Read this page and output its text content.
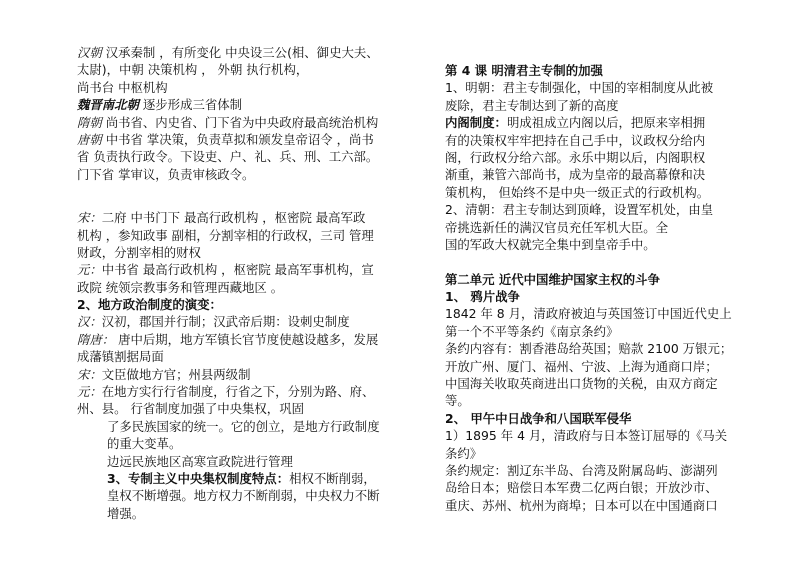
汉朝 汉承秦制 ，有所变化 中央设三公(相、御史大夫、
太尉)，中朝 决策机构 ， 外朝 执行机构，
尚书台 中枢机构
魏晋南北朝 逐步形成三省体制
隋朝 尚书省、内史省、门下省为中央政府最高统治机构
唐朝 中书省 掌决策，负责草拟和颁发皇帝诏令 ，尚书
省 负责执行政令。下设吏、户、礼、兵、刑、工六部。
门下省 掌审议，负责审核政令。
宋：二府 中书门下 最高行政机构 ，枢密院 最高军政
机构 ，参知政事 副相，分割宰相的行政权，三司 管理
财政，分割宰相的财权
元：中书省 最高行政机构 ，枢密院 最高军事机构，宣
政院 统领宗教事务和管理西藏地区 。
2、地方政治制度的演变：
汉：汉初，郡国并行制；汉武帝后期：设刺史制度
隋唐： 唐中后期，地方军镇长官节度使越设越多，发展
成藩镇割据局面
宋：文臣做地方官；州县两级制
元：在地方实行行省制度，行省之下，分别为路、府、
州、县。 行省制度加强了中央集权，巩固
了多民族国家的统一。它的创立，是地方行政制度
的重大变革。
边远民族地区高寒宣政院进行管理
3、专制主义中央集权制度特点：相权不断削弱，
皇权不断增强。地方权力不断削弱，中央权力不断
增强。
第 4 课 明清君主专制的加强
1、明朝：君主专制强化，中国的宰相制度从此被
废除，君主专制达到了新的高度
内阁制度：明成祖成立内阁以后，把原来宰相拥
有的决策权牢牢把持在自己手中，议政权分给内
阁，行政权分给六部。永乐中期以后，内阁职权
渐重，兼管六部尚书，成为皇帝的最高幕僚和决
策机构， 但始终不是中央一级正式的行政机构。
2、清朝：君主专制达到顶峰，设置军机处，由皇
帝挑选新任的满汉官员充任军机大臣。全
国的军政大权就完全集中到皇帝手中。
第二单元 近代中国维护国家主权的斗争
1、 鸦片战争
1842 年 8 月，清政府被迫与英国签订中国近代史上
第一个不平等条约《南京条约》
条约内容有：割香港岛给英国；赔款 2100 万银元；
开放广州、厦门、福州、宁波、上海为通商口岸；
中国海关收取英商进出口货物的关税，由双方商定
等。
2、 甲午中日战争和八国联军侵华
1）1895 年 4 月，清政府与日本签订屈辱的《马关
条约》
条约规定：割辽东半岛、台湾及附属岛屿、澎湖列
岛给日本；赔偿日本军费二亿两白银；开放沙市、
重庆、苏州、杭州为商埠；日本可以在中国通商口
